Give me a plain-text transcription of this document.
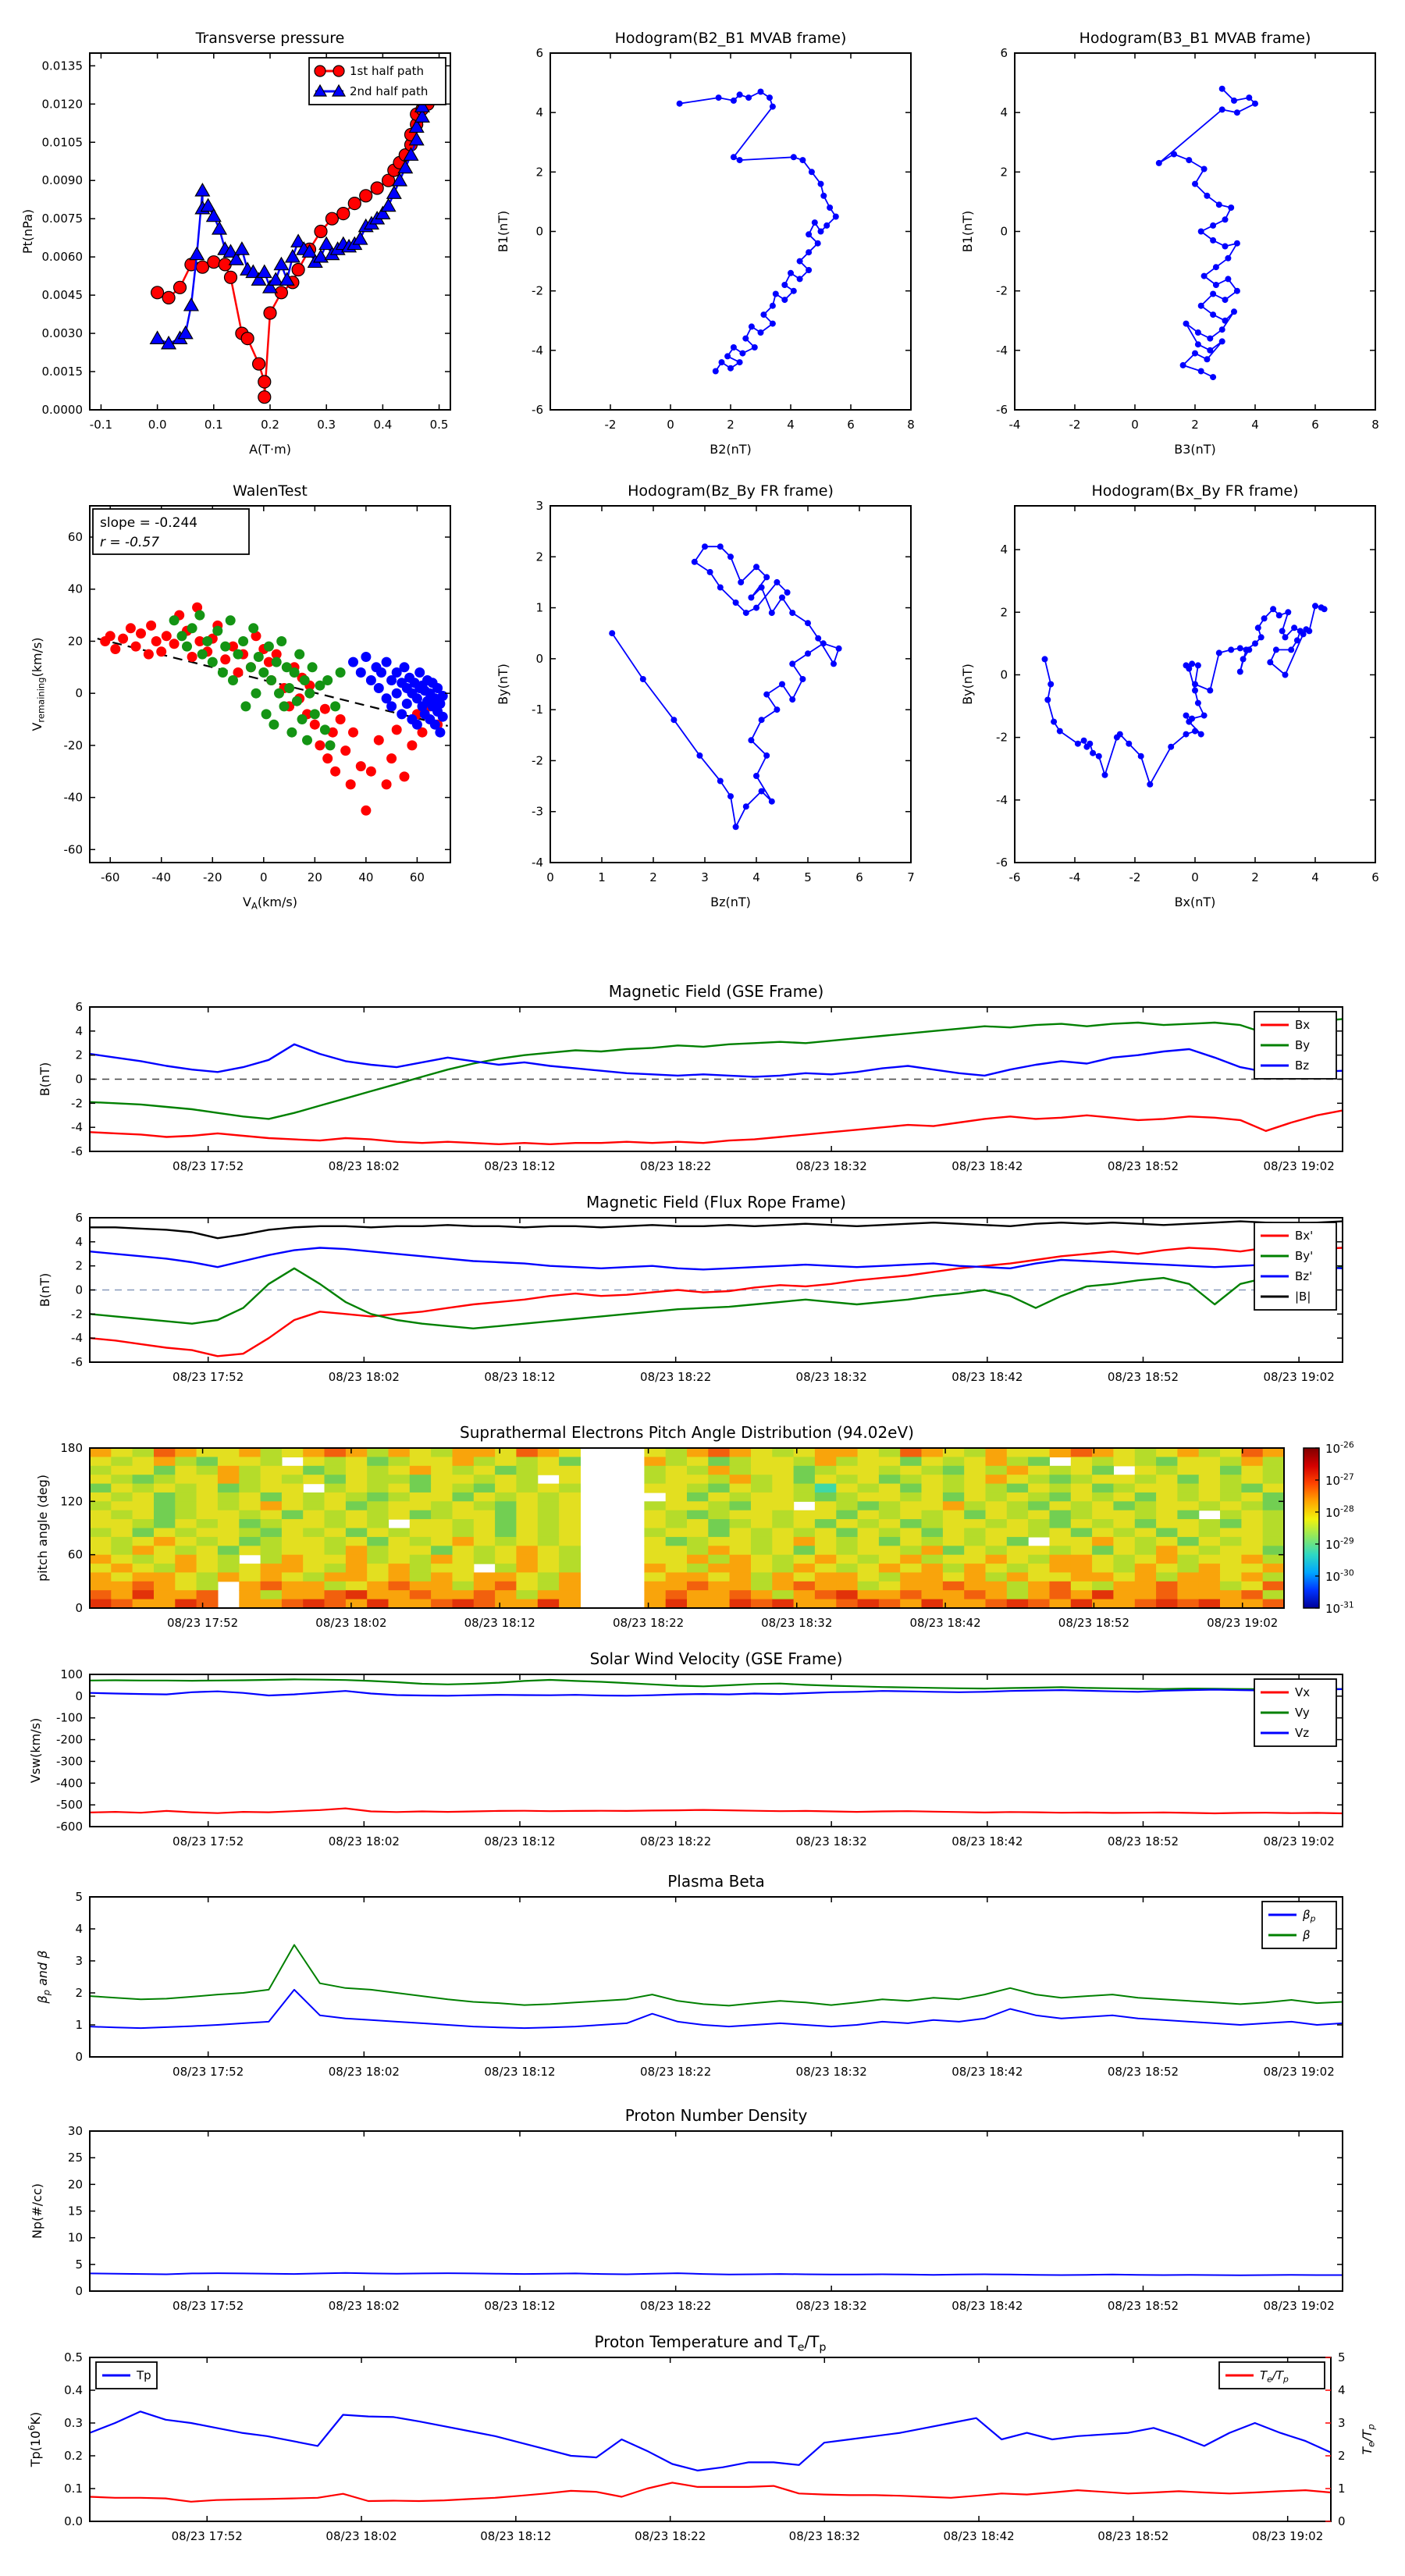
-0.1	0.0	0.1	0.2	0.3	0.4	0.5
0.0000
0.0015
0.0030
0.0045
0.0060
0.0075
0.0090
0.0105
0.0120
0.0135
Transverse pressure
A(T·m)
Pt(nPa)
1st half path
2nd half path
-2	0	2	4	6	8
-6
-4
-2
0
2
4
6
Hodogram(B2_B1 MVAB frame)
B2(nT)
B1(nT)
-4	-2	0	2	4	6	8
-6
-4
-2
0
2
4
6
Hodogram(B3_B1 MVAB frame)
B3(nT)
B1(nT)
-60	-40	-20	0	20	40	60
-60
-40
-20
0
20
40
60
WalenTest
$V_A(km/s)$
$V_{remaining}(km/s)$
slope = -0.244
r = -0.57
0	1	2	3	4	5	6	7
-4
-3
-2
-1
0
1
2
3
Hodogram(Bz_By FR frame)
Bz(nT)
By(nT)
-6	-4	-2	0	2	4	6
-6
-4
-2
0
2
4
Hodogram(Bx_By FR frame)
Bx(nT)
By(nT)
08/23 17:52	08/23 18:02	08/23 18:12	08/23 18:22	08/23 18:32	08/23 18:42	08/23 18:52	08/23 19:02
-6
-4
-2
0
2
4
6
Magnetic Field (GSE Frame)
B(nT)
Bx
By
Bz
08/23 17:52	08/23 18:02	08/23 18:12	08/23 18:22	08/23 18:32	08/23 18:42	08/23 18:52	08/23 19:02
-6
-4
-2
0
2
4
6
Magnetic Field (Flux Rope Frame)
B(nT)
Bx'
By'
Bz'
|B|
08/23 17:52	08/23 18:02	08/23 18:12	08/23 18:22	08/23 18:32	08/23 18:42	08/23 18:52	08/23 19:02
0
60
120
180
Suprathermal Electrons Pitch Angle Distribution (94.02eV)
pitch angle (deg)
$10^{-26}$
$10^{-27}$
$10^{-28}$
$10^{-29}$
$10^{-30}$
$10^{-31}$
08/23 17:52	08/23 18:02	08/23 18:12	08/23 18:22	08/23 18:32	08/23 18:42	08/23 18:52	08/23 19:02
-600
-500
-400
-300
-200
-100
0
100
Solar Wind Velocity (GSE Frame)
Vsw(km/s)
Vx
Vy
Vz
08/23 17:52	08/23 18:02	08/23 18:12	08/23 18:22	08/23 18:32	08/23 18:42	08/23 18:52	08/23 19:02
0
1
2
3
4
5
Plasma Beta
$\beta_p$ and β
$\beta_p$
β
08/23 17:52	08/23 18:02	08/23 18:12	08/23 18:22	08/23 18:32	08/23 18:42	08/23 18:52	08/23 19:02
0
5
10
15
20
25
30
Proton Number Density
Np(#/cc)
08/23 17:52	08/23 18:02	08/23 18:12	08/23 18:22	08/23 18:32	08/23 18:42	08/23 18:52	08/23 19:02
0.0
0.1
0.2
0.3
0.4
0.5
0
1
2
3
4
5
$T_e/T_p$
Proton Temperature and $T_e/T_p$
$Tp(10^6K)$
Tp	$T_e/T_p$
